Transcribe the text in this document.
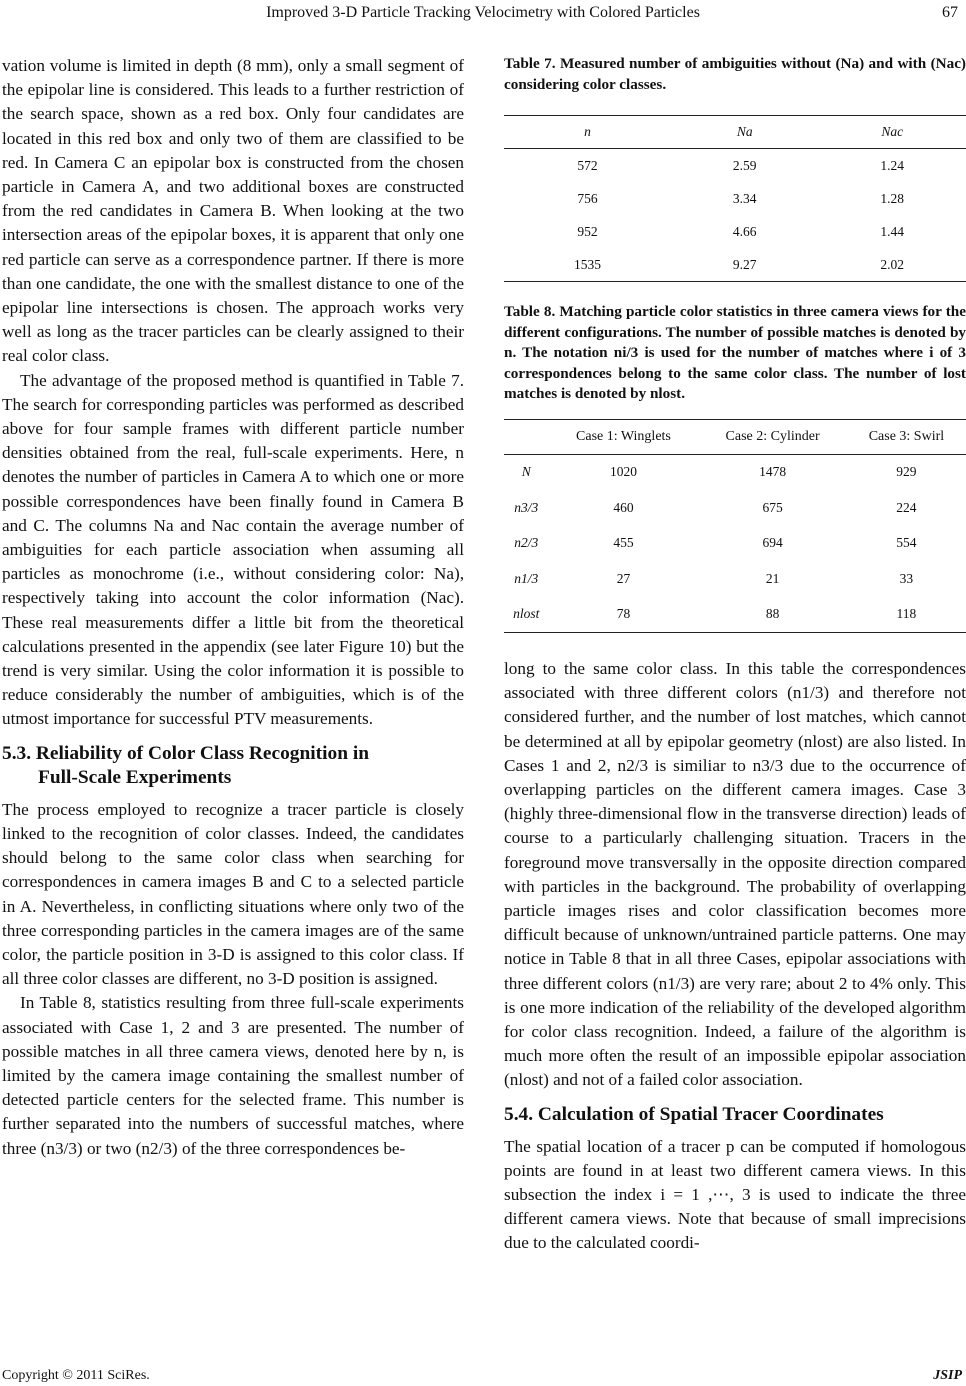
Improved 3-D Particle Tracking Velocimetry with Colored Particles	67

vation volume is limited in depth (8 mm), only a small segment of the epipolar line is considered. This leads to a further restriction of the search space, shown as a red box. Only four candidates are located in this red box and only two of them are classified to be red. In Camera C an epipolar box is constructed from the chosen particle in Camera A, and two additional boxes are constructed from the red candidates in Camera B. When looking at the two intersection areas of the epipolar boxes, it is apparent that only one red particle can serve as a correspondence partner. If there is more than one candidate, the one with the smallest distance to one of the epipolar line intersections is chosen. The approach works very well as long as the tracer particles can be clearly assigned to their real color class.

The advantage of the proposed method is quantified in Table 7. The search for corresponding particles was performed as described above for four sample frames with different particle number densities obtained from the real, full-scale experiments. Here, n denotes the number of particles in Camera A to which one or more possible correspondences have been finally found in Camera B and C. The columns Na and Nac contain the average number of ambiguities for each particle association when assuming all particles as monochrome (i.e., without considering color: Na), respectively taking into account the color information (Nac). These real measurements differ a little bit from the theoretical calculations presented in the appendix (see later Figure 10) but the trend is very similar. Using the color information it is possible to reduce considerably the number of ambiguities, which is of the utmost importance for successful PTV measurements.

5.3. Reliability of Color Class Recognition in
Full-Scale Experiments

The process employed to recognize a tracer particle is closely linked to the recognition of color classes. Indeed, the candidates should belong to the same color class when searching for correspondences in camera images B and C to a selected particle in A. Nevertheless, in conflicting situations where only two of the three corresponding particles in the camera images are of the same color, the particle position in 3-D is assigned to this color class. If all three color classes are different, no 3-D position is assigned.

In Table 8, statistics resulting from three full-scale experiments associated with Case 1, 2 and 3 are presented. The number of possible matches in all three camera views, denoted here by n, is limited by the camera image containing the smallest number of detected particle centers for the selected frame. This number is further separated into the numbers of successful matches, where three (n3/3) or two (n2/3) of the three correspondences be-

Table 7. Measured number of ambiguities without (Na) and with (Nac) considering color classes.

n	Na	Nac
572	2.59	1.24
756	3.34	1.28
952	4.66	1.44
1535	9.27	2.02

Table 8. Matching particle color statistics in three camera views for the different configurations. The number of possible matches is denoted by n. The notation ni/3 is used for the number of matches where i of 3 correspondences belong to the same color class. The number of lost matches is denoted by nlost.

	Case 1: Winglets	Case 2: Cylinder	Case 3: Swirl
N	1020	1478	929
n3/3	460	675	224
n2/3	455	694	554
n1/3	27	21	33
nlost	78	88	118

long to the same color class. In this table the correspondences associated with three different colors (n1/3) and therefore not considered further, and the number of lost matches, which cannot be determined at all by epipolar geometry (nlost) are also listed. In Cases 1 and 2, n2/3 is similiar to n3/3 due to the occurrence of overlapping particles on the different camera images. Case 3 (highly three-dimensional flow in the transverse direction) leads of course to a particularly challenging situation. Tracers in the foreground move transversally in the opposite direction compared with particles in the background. The probability of overlapping particle images rises and color classification becomes more difficult because of unknown/untrained particle patterns. One may notice in Table 8 that in all three Cases, epipolar associations with three different colors (n1/3) are very rare; about 2 to 4% only. This is one more indication of the reliability of the developed algorithm for color class recognition. Indeed, a failure of the algorithm is much more often the result of an impossible epipolar association (nlost) and not of a failed color association.

5.4. Calculation of Spatial Tracer Coordinates

The spatial location of a tracer p can be computed if homologous points are found in at least two different camera views. In this subsection the index i = 1 ,⋯, 3 is used to indicate the three different camera views. Note that because of small imprecisions due to the calculated coordi-

Copyright © 2011 SciRes.	JSIP
